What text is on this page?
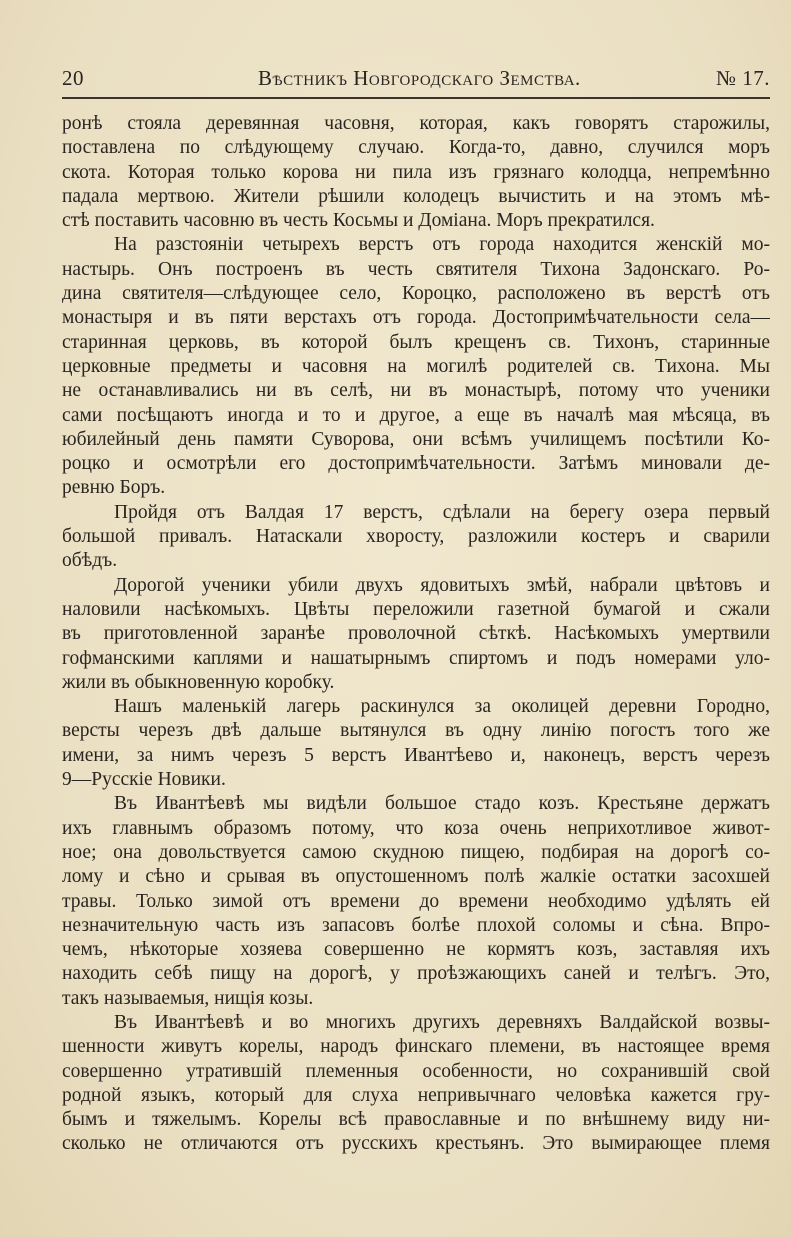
20	Вѣстникъ Новгородскаго Земства.	№ 17.
ронѣ стояла деревянная часовня, которая, какъ говорятъ старожилы,
поставлена по слѣдующему случаю. Когда-то, давно, случился моръ
скота. Которая только корова ни пила изъ грязнаго колодца, непремѣнно
падала мертвою. Жители рѣшили колодецъ вычистить и на этомъ мѣ-
стѣ поставить часовню въ честь Косьмы и Доміана. Моръ прекратился.
На разстояніи четырехъ верстъ отъ города находится женскій мо-
настырь. Онъ построенъ въ честь святителя Тихона Задонскаго. Ро-
дина святителя—слѣдующее село, Короцко, расположено въ верстѣ отъ
монастыря и въ пяти верстахъ отъ города. Достопримѣчательности села—
старинная церковь, въ которой былъ крещенъ св. Тихонъ, старинные
церковные предметы и часовня на могилѣ родителей св. Тихона. Мы
не останавливались ни въ селѣ, ни въ монастырѣ, потому что ученики
сами посѣщаютъ иногда и то и другое, а еще въ началѣ мая мѣсяца, въ
юбилейный день памяти Суворова, они всѣмъ училищемъ посѣтили Ко-
роцко и осмотрѣли его достопримѣчательности. Затѣмъ миновали де-
ревню Боръ.
Пройдя отъ Валдая 17 верстъ, сдѣлали на берегу озера первый
большой привалъ. Натаскали хворосту, разложили костеръ и сварили
обѣдъ.
Дорогой ученики убили двухъ ядовитыхъ змѣй, набрали цвѣтовъ и
наловили насѣкомыхъ. Цвѣты переложили газетной бумагой и сжали
въ приготовленной заранѣе проволочной сѣткѣ. Насѣкомыхъ умертвили
гофманскими каплями и нашатырнымъ спиртомъ и подъ номерами уло-
жили въ обыкновенную коробку.
Нашъ маленькій лагерь раскинулся за околицей деревни Городно,
версты черезъ двѣ дальше вытянулся въ одну линію погостъ того же
имени, за нимъ черезъ 5 верстъ Ивантѣево и, наконецъ, верстъ черезъ
9—Русскіе Новики.
Въ Ивантѣевѣ мы видѣли большое стадо козъ. Крестьяне держатъ
ихъ главнымъ образомъ потому, что коза очень неприхотливое живот-
ное; она довольствуется самою скудною пищею, подбирая на дорогѣ со-
лому и сѣно и срывая въ опустошенномъ полѣ жалкіе остатки засохшей
травы. Только зимой отъ времени до времени необходимо удѣлять ей
незначительную часть изъ запасовъ болѣе плохой соломы и сѣна. Впро-
чемъ, нѣкоторые хозяева совершенно не кормятъ козъ, заставляя ихъ
находить себѣ пищу на дорогѣ, у проѣзжающихъ саней и телѣгъ. Это,
такъ называемыя, нищія козы.
Въ Ивантѣевѣ и во многихъ другихъ деревняхъ Валдайской возвы-
шенности живутъ корелы, народъ финскаго племени, въ настоящее время
совершенно утратившій племенныя особенности, но сохранившій свой
родной языкъ, который для слуха непривычнаго человѣка кажется гру-
бымъ и тяжелымъ. Корелы всѣ православные и по внѣшнему виду ни-
сколько не отличаются отъ русскихъ крестьянъ. Это вымирающее племя
